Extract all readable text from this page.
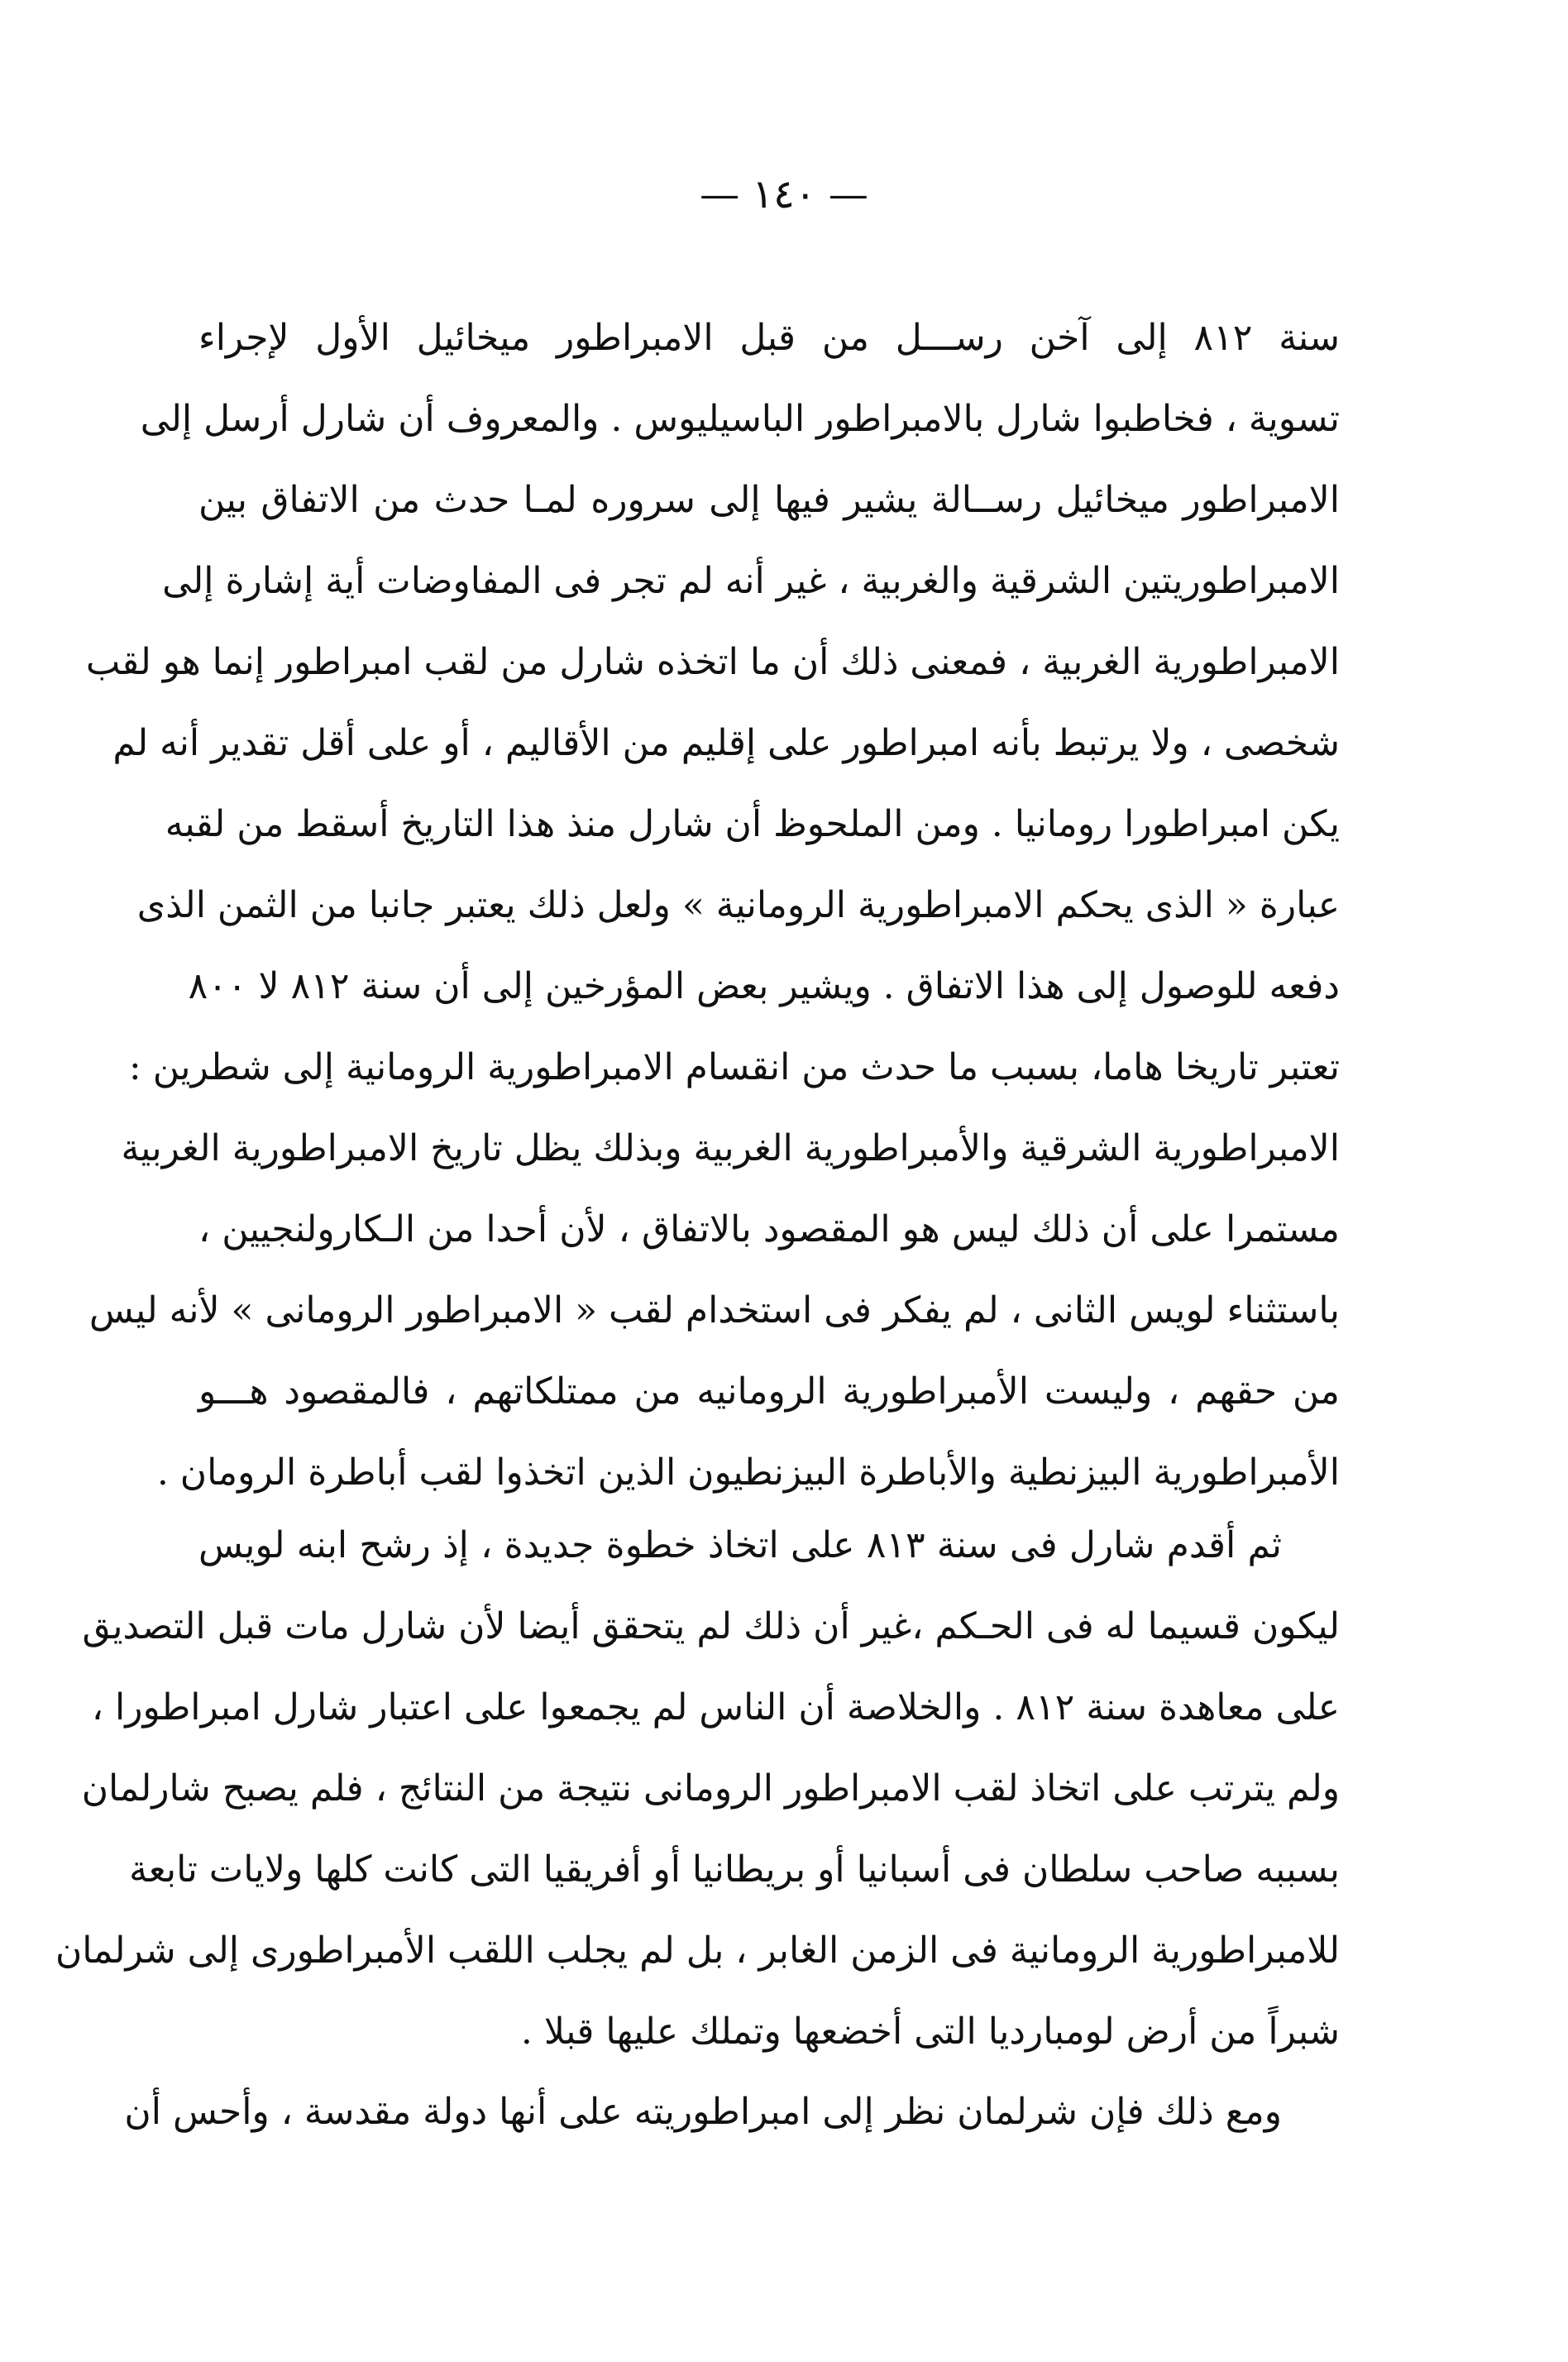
— ١٤٠ —
سنة ٨١٢ إلى آخن رســـل من قبل الامبراطور ميخائيل الأول لإجراء
تسوية ، فخاطبوا شارل بالامبراطور الباسيليوس . والمعروف أن شارل أرسل إلى
الامبراطور ميخائيل رســالة يشير فيها إلى سروره لمـا حدث من الاتفاق بين
الامبراطوريتين الشرقية والغربية ، غير أنه لم تجر فى المفاوضات أية إشارة إلى
الامبراطورية الغربية ، فمعنى ذلك أن ما اتخذه شارل من لقب امبراطور إنما هو لقب
شخصى ، ولا يرتبط بأنه امبراطور على إقليم من الأقاليم ، أو على أقل تقدير أنه لم
يكن امبراطورا رومانيا . ومن الملحوظ أن شارل منذ هذا التاريخ أسقط من لقبه
عبارة « الذى يحكم الامبراطورية الرومانية » ولعل ذلك يعتبر جانبا من الثمن الذى
دفعه للوصول إلى هذا الاتفاق . ويشير بعض المؤرخين إلى أن سنة ٨١٢ لا ٨٠٠
تعتبر تاريخا هاما، بسبب ما حدث من انقسام الامبراطورية الرومانية إلى شطرين :
الامبراطورية الشرقية والأمبراطورية الغربية وبذلك يظل تاريخ الامبراطورية الغربية
مستمرا على أن ذلك ليس هو المقصود بالاتفاق ، لأن أحدا من الـكارولنجيين ،
باستثناء لويس الثانى ، لم يفكر فى استخدام لقب « الامبراطور الرومانى » لأنه ليس
من حقهم ، وليست الأمبراطورية الرومانيه من ممتلكاتهم ، فالمقصود هـــو
الأمبراطورية البيزنطية والأباطرة البيزنطيون الذين اتخذوا لقب أباطرة الرومان .
ثم أقدم شارل فى سنة ٨١٣ على اتخاذ خطوة جديدة ، إذ رشح ابنه لويس
ليكون قسيما له فى الحـكم ،غير أن ذلك لم يتحقق أيضا لأن شارل مات قبل التصديق
على معاهدة سنة ٨١٢ . والخلاصة أن الناس لم يجمعوا على اعتبار شارل امبراطورا ،
ولم يترتب على اتخاذ لقب الامبراطور الرومانى نتيجة من النتائج ، فلم يصبح شارلمان
بسببه صاحب سلطان فى أسبانيا أو بريطانيا أو أفريقيا التى كانت كلها ولايات تابعة
للامبراطورية الرومانية فى الزمن الغابر ، بل لم يجلب اللقب الأمبراطورى إلى شرلمان
شبراً من أرض لومبارديا التى أخضعها وتملك عليها قبلا .
ومع ذلك فإن شرلمان نظر إلى امبراطوريته على أنها دولة مقدسة ، وأحس أن
